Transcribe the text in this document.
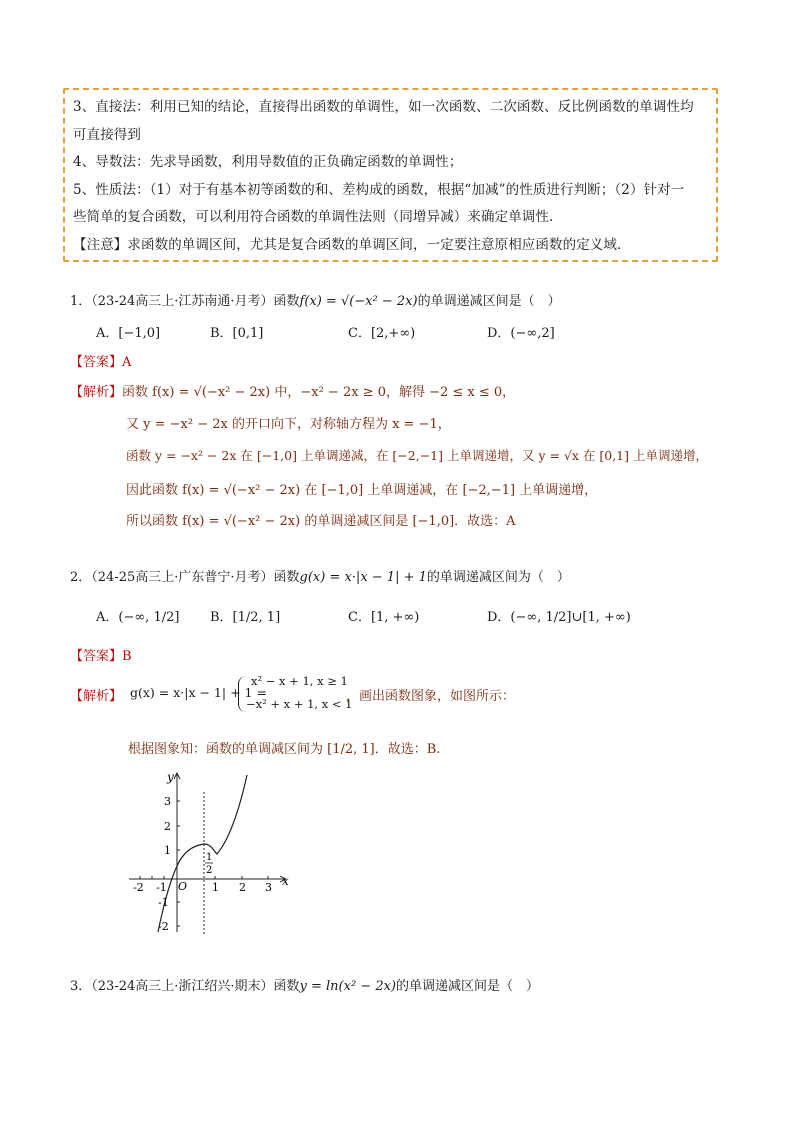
3、直接法：利用已知的结论，直接得出函数的单调性，如一次函数、二次函数、反比例函数的单调性均

可直接得到

4、导数法：先求导函数，利用导数值的正负确定函数的单调性；

5、性质法：（1）对于有基本初等函数的和、差构成的函数，根据“加减”的性质进行判断；（2）针对一

些简单的复合函数，可以利用符合函数的单调性法则（同增异减）来确定单调性．

【注意】求函数的单调区间，尤其是复合函数的单调区间，一定要注意原相应函数的定义域．

1．（23-24高三上·江苏南通·月考）函数f(x) = √(−x² − 2x)的单调递减区间是（　）
A．[−1,0]	B．[0,1]	C．[2,+∞)	D．(−∞,2]
【答案】A
【解析】函数 f(x) = √(−x² − 2x) 中，−x² − 2x ≥ 0，解得 −2 ≤ x ≤ 0，
又 y = −x² − 2x 的开口向下，对称轴方程为 x = −1，
函数 y = −x² − 2x 在 [−1,0] 上单调递减，在 [−2,−1] 上单调递增，又 y = √x 在 [0,1] 上单调递增，
因此函数 f(x) = √(−x² − 2x) 在 [−1,0] 上单调递减，在 [−2,−1] 上单调递增，
所以函数 f(x) = √(−x² − 2x) 的单调递减区间是 [−1,0]．故选：A
2．（24-25高三上·广东普宁·月考）函数g(x) = x·|x − 1| + 1的单调递减区间为（　）
A．(−∞, 1/2] B．[1/2, 1]	C．[1, +∞)	D．(−∞, 1/2]∪[1, +∞)
【答案】B
【解析】 g(x) = x·|x − 1| + 1 =
x² − x + 1, x ≥ 1
−x² + x + 1, x < 1
，画出函数图象，如图所示：
根据图象知：函数的单调减区间为 [1/2, 1]．故选：B.
y
x
-2 -1 O 1 2 3
3
2
1
-1
-2
1
2
3．（23-24高三上·浙江绍兴·期末）函数y = ln(x² − 2x)的单调递减区间是（　）
